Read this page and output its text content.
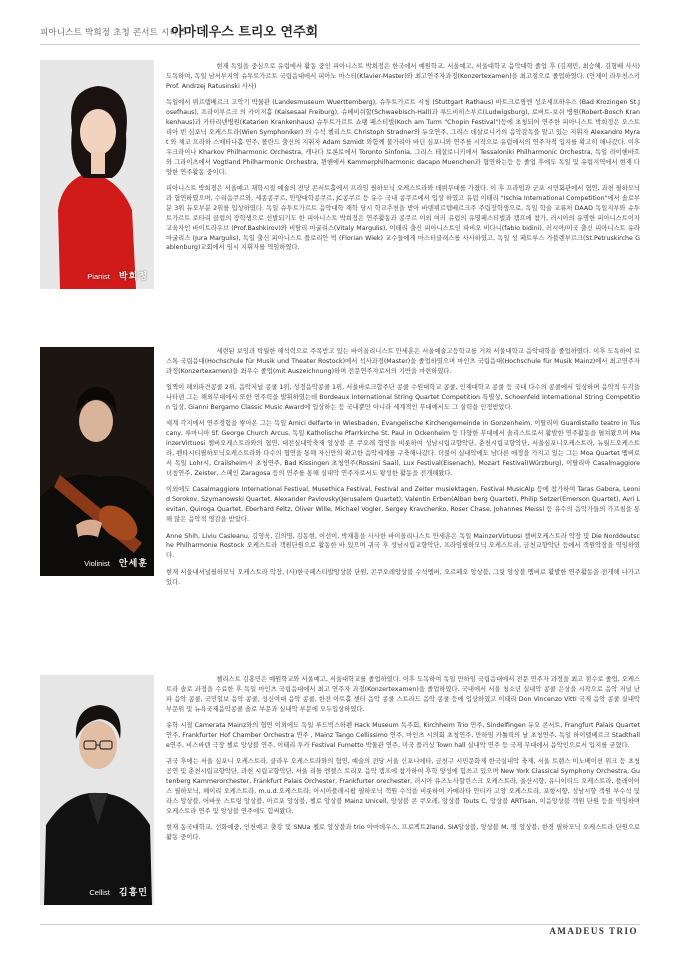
피아니스트 박희정 초청 콘서트 시리즈
아마데우스 트리오 연주회
Pianist 박희정

현재 독일을 중심으로 유럽에서 활동 중인 피아니스트 박희정은 한국에서 예원학교, 서울예고, 서울대학교 음악대학 졸업 후 (김재민, 최승혜, 김형배 사사) 도독하여, 독일 남서부지역 슈투트가르트 국립음대에서 피아노 마스터(Klavier-Master)와 최고연주자과정(Konzertexamen)을 최고점으로 졸업하였다. (안제이 라투친스키 Prof. Andrzej Ratusinski 사사)

독일에서 뷔르템베르크 고악기 박물관 (Landesmuseum Wuerttemberg), 슈투트가르트 시청 (Stuttgart Rathaus) 바트크로찡엔 성조세프하우스 (Bad Krozingen St.Josefhaus), 프라이부르크 의 카이저홀 (Kaisesaal Freiburg), 슈베비쉬할(Schwaebisch-Hall)과 루드비히스부르(Ludwigsburg), 로버트-보쉬 병원(Robert-Bosch Krankenhaus)과 카타리넨병원(Katarien Krankenhaus) 슈투트가르트 쇼팽 페스티벌(Koch am Turm "Chopin Festival")등에 초청되어 연주한 피아니스트 박희정은 오스트리아 빈 심포닉 오케스트라(Wien Symphoniker) 의 수석 첼리스트 Christoph Stradner와 듀오연주, 그리스 데살로니키의 음악감독을 맡고 있는 지휘자 Alexandro Myrat 와 체코 프라하 스메타나홀 연주, 폴란드 출신의 지휘자 Adam Szmidt 와함께 불가리아 바딘 심포니와 연주를 시작으로 유럽에서의 연주자적 입지를 확고히 해나갔다. 이후 우크라이나 Kharkov Philharmonic Orchestra, 캐나다 토론토에서 Toronto Sinfonia, 그리스 테살로니키에서 Tessaloniki Philharmonic Orchestra, 독일 라이헨바흐와 그라이츠에서 Vogtland Philharmonic Orchestra, 뮌헨에서 Kammerphilharmonic dacapo Muenchen과 협연하는등 등 졸업 후에도 독일 및 유럽지역에서 현재 다양한 연주활동 중이다.

피아니스트 박희정은 서울예고 재학시절 예술의 전당 콘서트홀에서 프라임 필하모닉 오케스트라와 데뷔무대를 가졌다. 이 후 프라임과 군포 시민회관에서 협연, 과천 필하모닉과 협연하였으며, 수리음쿠르와, 세종콩쿠르, 안양대학콩쿠르, JC콩쿠르 등 유수 국내 콩쿠르에서 입상 하였고 유럽 이태리 "Ischia International Competition"에서 솔로부분 3위 듀오부분 2위를 입상하였다. 독일 슈투트가르트 음악대학 재학 당시 학교추천을 받아 바덴뷔르템베르크주 주립장학생으로, 독일 학술 교류처 DAAD 독일지부와 슈투트가르트 로타리 클럽의 장학생으로 선발되기도 한 피아니스트 박희정은 연주활동과 콩쿠르 이외 여러 유럽의 유명페스티벌과 캠프에 참가, 러시아의 유명한 피아니스트이자 교육자인 바이트라우브 (Prof.Bashkirov)와 비탈리 마굴리스(Vitaly Margulis), 이태리 출신 피아니스트인 파비오 비다니(fabio bidini), 러시아/미국 출신 피아니스트 유라 마굴리스 (Jura Margulis), 독일 출신 피아니스트 플로리안 빅 (Florian Wiek) 교수들에게 마스터클래스를 사사하였고, 독일 성 페트루스 가블렌부르크(St.Petruskirche Gablenburg)교회에서 임시 지휘자를 역임하였다.

Violinist 안세훈

세련된 보잉과 탁월한 해석력으로 주목받고 있는 바이올리니스트 안세훈은 서울예술고등학교를 거쳐 서울대학교 음악대학을 졸업하였다. 이후 도독하여 로스톡 국립음대(Hochschule für Musik und Theater Rostock)에서 석사과정(Master)을 졸업하였으며 마인츠 국립음대(Hochschule für Musik Mainz)에서 최고연주자과정(Konzertexamen)을 최우수 졸업(mit Auszeichnung)하며 전문연주자로서의 기반을 마련하였다.

일찍이 해외파견콩쿨 2위, 음악저널 콩쿨 1위, 성정음악콩쿨 1위, 서울바로크합주단 콩쿨 수원대학교 콩쿨, 인제대학교 콩쿨 등 국내 다수의 콩쿨에서 입상하며 음악적 두각을 나타낸 그는 해외무대에서 또한 연주력을 발휘하였는데 Bordeaux International String Quartet Competition 특별상, Schoenfeld International String Competition 입상, Gianni Bergamo Classic Music Award에 입상하는 등 국내뿐만 아니라 세계적인 무대에서도 그 실력을 인정받았다.

세계 각지에서 연주경험을 쌓아온 그는 독일 Amici delfarte in Wiesbaden, Evangelische Kirchengemeinde in Gonzenheim, 이탈리아 Guardistallo teatro in Tuscany, 루마니아 Sf. George Church Arcus, 독일 Katholische Pfarrkirche St. Paul in Ockenheim 등 다양한 무대에서 솔리스트로서 활발한 연주활동을 펼쳐왔으며 MainzerVirtuosi 챔버오케스트라와의 협연, 대전실내악축제 앙상블 존 쿠오레 협연을 비롯하여 성남시립교향악단, 춘천시립교향악단, 서울심포니오케스트라, 뉴월드오케스트라, 펜타시티필하모닉오케스트라와 다수의 협연을 통해 자신만의 확고한 음악세계를 구축해나갔다. 더불어 실내악에도 남다른 애정을 가지고 있는 그는 Moa Quartet 멤버로서 독일 Lohr시, Crailsheim시 초청연주, Bad Kissingen 초청연주(Rossini Saal), Lux Festival(Eisenach), Mozart Festival(Würzburg), 이탈리아 Casalmaggiore 녀칭연주, Zeister, 스페인 Zaragosa 등의 연주를 통해 실내악 연주자로서도 왕성한 활동을 전개해왔다.

이외에도 Casalmaggiore International Festival, Musethica Festival, Festival and Zeiter musiektagen, Festival MusicAlp 등에 참가하여 Taras Gabora, Leonid Sorokov, Szymanowski Quartet, Alexander Pavlovsky(Jerusalem Quartet), Valentin Erben(Alban berg Quartet), Philip Setzer(Emerson Quartet), Avri Levitan, Quiroga Quartet, Eberhard Feltz, Oliver Wille, Michael Vogler, Sergey Kravchenko, Roser Chase, Johannes Meissl 등 유수의 음악가들의 가르침을 통해 많은 음악적 영감을 받았다.

Anne Shih, Liviu Casleanu, 김영욱, 김의명, 김동현, 이선이, 박재홍을 사사한 바이올리니스트 안세훈은 독일 MainzerVirtuosi 챔버오케스트라 악장 및 Die Norddeutsche Philharmonie Rostock 오케스트라 객원단원으로 활동한 바 있으며 귀국 후 성남시립교향악단, 프라임필하모닉 오케스트라, 금천교향악단 등에서 객원악장을 역임하였다.

현재 서울내셔널필하모닉 오케스트라 악장, (사)한국페스티발앙상블 단원, 콘쿠오레앙상블 수석멤버, 오르페오 앙상블, 그릿 앙상블 멤버로 활발한 연주활동을 전개해 나가고 있다.

Cellist 김홍민

첼리스트 김홍민은 예원학교와 서울예고, 서울대학교를 졸업하였다. 이후 도독하여 독일 만하임 국립음대에서 전문 연주자 과정을 최고 점수로 졸업, 오케스트라 솔로 과정을 수료한 후 독일 마인츠 국립음대에서 최고 연주자 과정(Konzertexamen)을 졸업하였다. 국내에서 서울 청소년 실내악 콩쿨 은상을 시작으로 음악 저널 난파 음악 콩쿨, 국민일보 음악 콩쿨, 성신여대 음악 콩쿨, 한전 아트홀 센터 음악 콩쿨 스트라드 음악 콩쿨 등에 입상하였고 이태리 Don Vincenzo Vitti 국제 음악 콩쿨 실내악 부문위 및 뉴욕국제음악콩쿨 솔로 부문과 실내악 부문에 모두입상하였다.

유학 시절 Camerata Mainz와의 협연 이외에도 독일 루드빅스하펜 Hack Museum 독주회, Kirchheim Trio 연주, Sindelfingen 듀오 콘서트, Frangfurt Palais Quartet 연주, Frankfurter Hof Chamber Orchestra 연주 , Mainz Tango Cellissimo 연주, 마인츠 시의회 초청연주, 만하임 카톨릭의 날 초청연주, 독일 하이델베르크 Stadthalle연주, 비스바덴 극장 첼로 앙상블 연주, 이태리 투카 Festival Fumetto 박물관 연주, 미국 플러싱 Town hall 실내악 연주 등 국제 무대에서 음악인으로서 입지를 굳혔다.

귀국 후에는 서울 심포니 오케스트라, 클라우 오케스트라와의 협연, 예술의 전당 서울 신포니에타, 금천구 시민문화제 한국실내악 축제, 서울 트랜스 이노베이션 위크 등 초청 공연 및 춘천시립교향악단, 과천 시립교향악단, 서울 리틀 엔젤스 트리오 음악 캠프에 참가하여 후학 양성에 힘쓰고 있으며 New York Classical Symphony Orchestra, Gutenberg Kammerorchester, Frankfurt Palais Orchester, Frankfurter orechester, 러시아 유즈노사할린스크 오케스트라, 울산시향, 유니이티드 오케스트라, 플레이어스 필하모닉, 헤이리 오케스트라, m.u.d.오케스트라, 아시아플래시팝 필하모닉 객원 수석을 비롯하여 카메라타 안티카 고양 오케스트라, 포항시향, 성남시향 객원 부수석 및 라스 앙상블, 어바웃 스트링 앙상블, 아르포 앙상블, 첼로 앙상블 Mainz Unicell, 앙상블 콘 쿠오레, 앙상블 Touts C, 앙상블 ARTisan, 이음앙상블 객원 단원 등을 역임하며 오케스트라 연주 및 앙상블 연주에도 힘써왔다.

현재 동국대학교, 선화예중, 인천예고 출강 및 SNUa 첼로 앙상블과 trio 아마데우스, 프로젝트2land, SIA앙상블, 앙상블 M, 명 앙상블, 한경 필하모닉 오케스트라 단원으로 활동 중이다.

AMADEUS TRIO
